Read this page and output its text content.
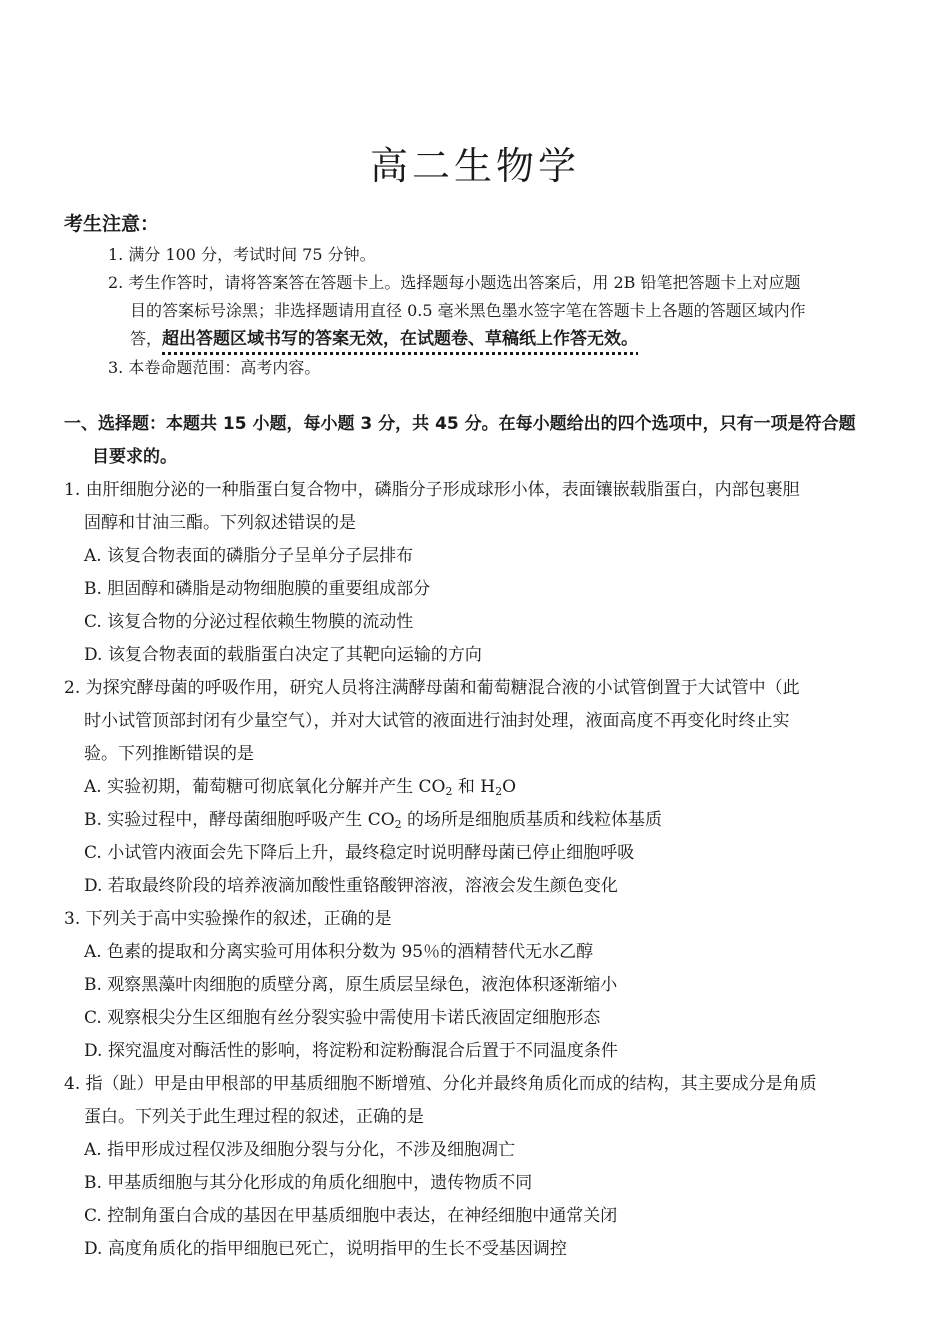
高二生物学
考生注意：
1. 满分 100 分，考试时间 75 分钟。
2. 考生作答时，请将答案答在答题卡上。选择题每小题选出答案后，用 2B 铅笔把答题卡上对应题
目的答案标号涂黑；非选择题请用直径 0.5 毫米黑色墨水签字笔在答题卡上各题的答题区域内作
答，超出答题区域书写的答案无效，在试题卷、草稿纸上作答无效。
3. 本卷命题范围：高考内容。
一、选择题：本题共 15 小题，每小题 3 分，共 45 分。在每小题给出的四个选项中，只有一项是符合题
目要求的。
1. 由肝细胞分泌的一种脂蛋白复合物中，磷脂分子形成球形小体，表面镶嵌载脂蛋白，内部包裹胆
固醇和甘油三酯。下列叙述错误的是
A. 该复合物表面的磷脂分子呈单分子层排布
B. 胆固醇和磷脂是动物细胞膜的重要组成部分
C. 该复合物的分泌过程依赖生物膜的流动性
D. 该复合物表面的载脂蛋白决定了其靶向运输的方向
2. 为探究酵母菌的呼吸作用，研究人员将注满酵母菌和葡萄糖混合液的小试管倒置于大试管中（此
时小试管顶部封闭有少量空气），并对大试管的液面进行油封处理，液面高度不再变化时终止实
验。下列推断错误的是
A. 实验初期，葡萄糖可彻底氧化分解并产生 $CO_2$ 和 $H_2O$
B. 实验过程中，酵母菌细胞呼吸产生 $CO_2$ 的场所是细胞质基质和线粒体基质
C. 小试管内液面会先下降后上升，最终稳定时说明酵母菌已停止细胞呼吸
D. 若取最终阶段的培养液滴加酸性重铬酸钾溶液，溶液会发生颜色变化
3. 下列关于高中实验操作的叙述，正确的是
A. 色素的提取和分离实验可用体积分数为 95％的酒精替代无水乙醇
B. 观察黑藻叶肉细胞的质壁分离，原生质层呈绿色，液泡体积逐渐缩小
C. 观察根尖分生区细胞有丝分裂实验中需使用卡诺氏液固定细胞形态
D. 探究温度对酶活性的影响，将淀粉和淀粉酶混合后置于不同温度条件
4. 指（趾）甲是由甲根部的甲基质细胞不断增殖、分化并最终角质化而成的结构，其主要成分是角质
蛋白。下列关于此生理过程的叙述，正确的是
A. 指甲形成过程仅涉及细胞分裂与分化，不涉及细胞凋亡
B. 甲基质细胞与其分化形成的角质化细胞中，遗传物质不同
C. 控制角蛋白合成的基因在甲基质细胞中表达，在神经细胞中通常关闭
D. 高度角质化的指甲细胞已死亡，说明指甲的生长不受基因调控
